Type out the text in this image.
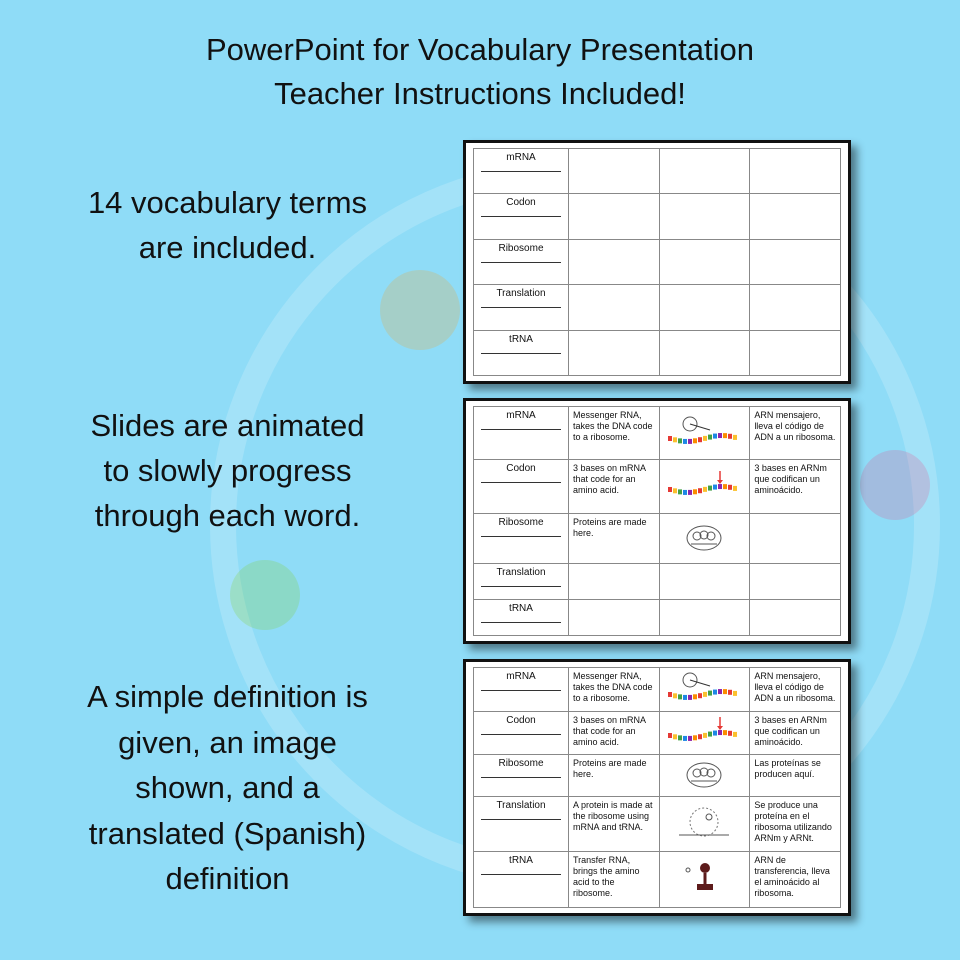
PowerPoint for Vocabulary Presentation
Teacher Instructions Included!
14 vocabulary terms
are included.
Slides are animated
to slowly progress
through each word.
A simple definition is
given, an image
shown, and a
translated (Spanish)
definition
mRNA

Codon

Ribosome

Translation

tRNA

mRNA	Messenger RNA, takes the DNA code to a ribosome.		ARN mensajero, lleva el código de ADN a un ribosoma.
Codon	3 bases on mRNA that code for an amino acid.		3 bases en ARNm que codifican un aminoácido.
Ribosome	Proteins are made here.		
Translation

tRNA

mRNA	Messenger RNA, takes the DNA code to a ribosome.		ARN mensajero, lleva el código de ADN a un ribosoma.
Codon	3 bases on mRNA that code for an amino acid.		3 bases en ARNm que codifican un aminoácido.
Ribosome	Proteins are made here.		Las proteínas se producen aquí.
Translation	A protein is made at the ribosome using mRNA and tRNA.		Se produce una proteína en el ribosoma utilizando ARNm y ARNt.
tRNA	Transfer RNA, brings the amino acid to the ribosome.		ARN de transferencia, lleva el aminoácido al ribosoma.
